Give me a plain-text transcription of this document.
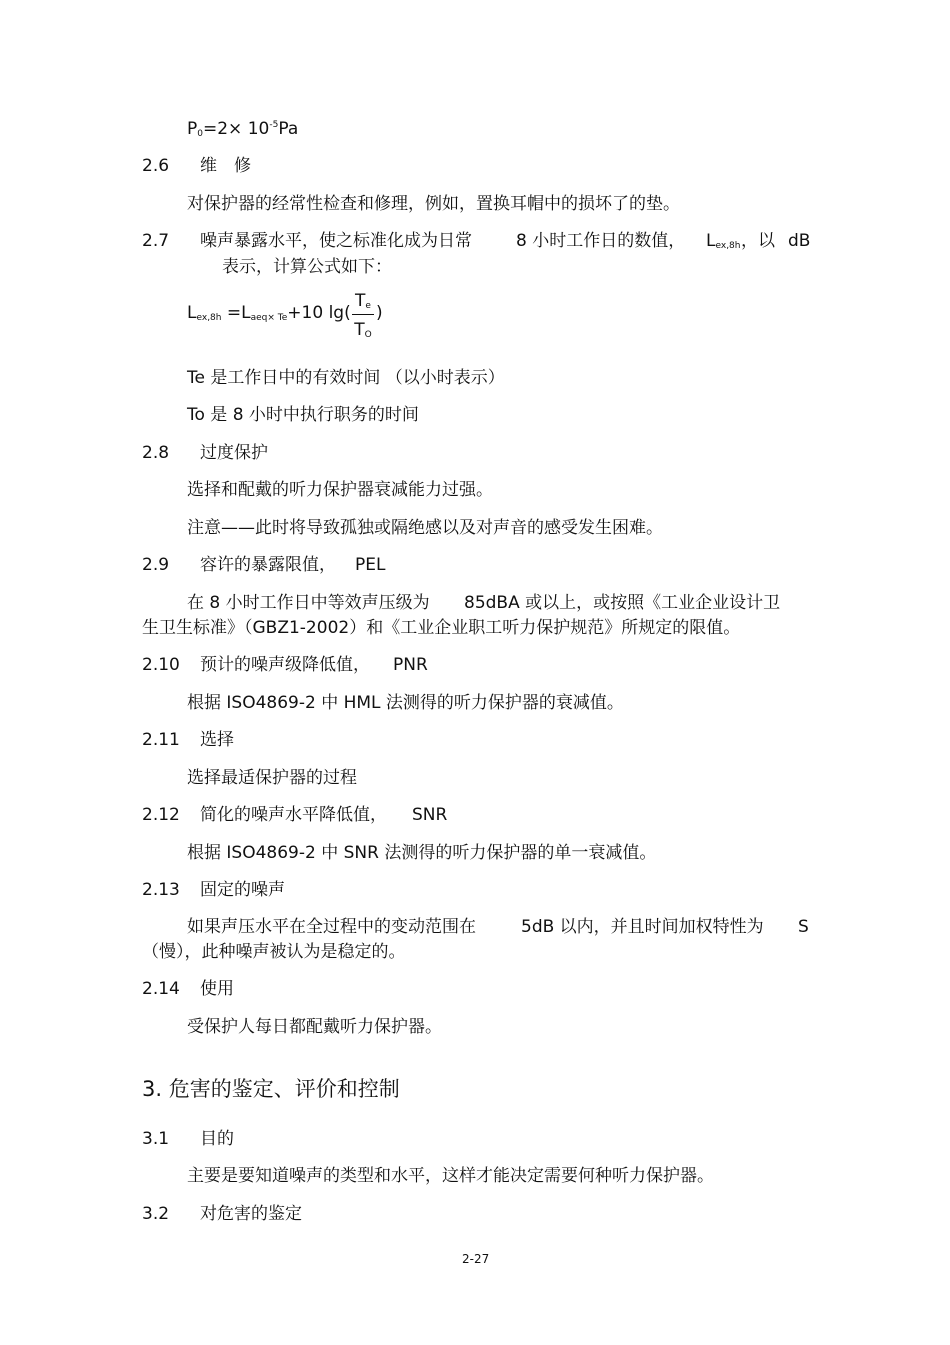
$P_0=2\times 10^{-5}Pa$
2.6 维　修
对保护器的经常性检查和修理，例如，置换耳帽中的损坏了的垫。
2.7 噪声暴露水平，使之标准化成为日常	8 小时工作日的数值， $L_{ex,8h}$ ，以 dB
表示，计算公式如下：
$L_{ex,8h} =L_{aeq\times Te}+10$ lg(
$T_e$
$T_O$
)
Te 是工作日中的有效时间 （以小时表示）
To 是 8 小时中执行职务的时间
2.8 过度保护
选择和配戴的听力保护器衰减能力过强。
注意——此时将导致孤独或隔绝感以及对声音的感受发生困难。
2.9 容许的暴露限值， PEL
在 8 小时工作日中等效声压级为 85dBA 或以上，或按照《工业企业设计卫
生卫生标准》（GBZ1-2002）和《工业企业职工听力保护规范》所规定的限值。
2.10 预计的噪声级降低值， PNR
根据 ISO4869-2 中 HML 法测得的听力保护器的衰减值。
2.11 选择
选择最适保护器的过程
2.12 简化的噪声水平降低值， SNR
根据 ISO4869-2 中 SNR 法测得的听力保护器的单一衰减值。
2.13 固定的噪声
如果声压水平在全过程中的变动范围在	5dB 以内，并且时间加权特性为 S
（慢），此种噪声被认为是稳定的。
2.14 使用
受保护人每日都配戴听力保护器。
3. 危害的鉴定、评价和控制
3.1 目的
主要是要知道噪声的类型和水平，这样才能决定需要何种听力保护器。
3.2 对危害的鉴定
2-27
